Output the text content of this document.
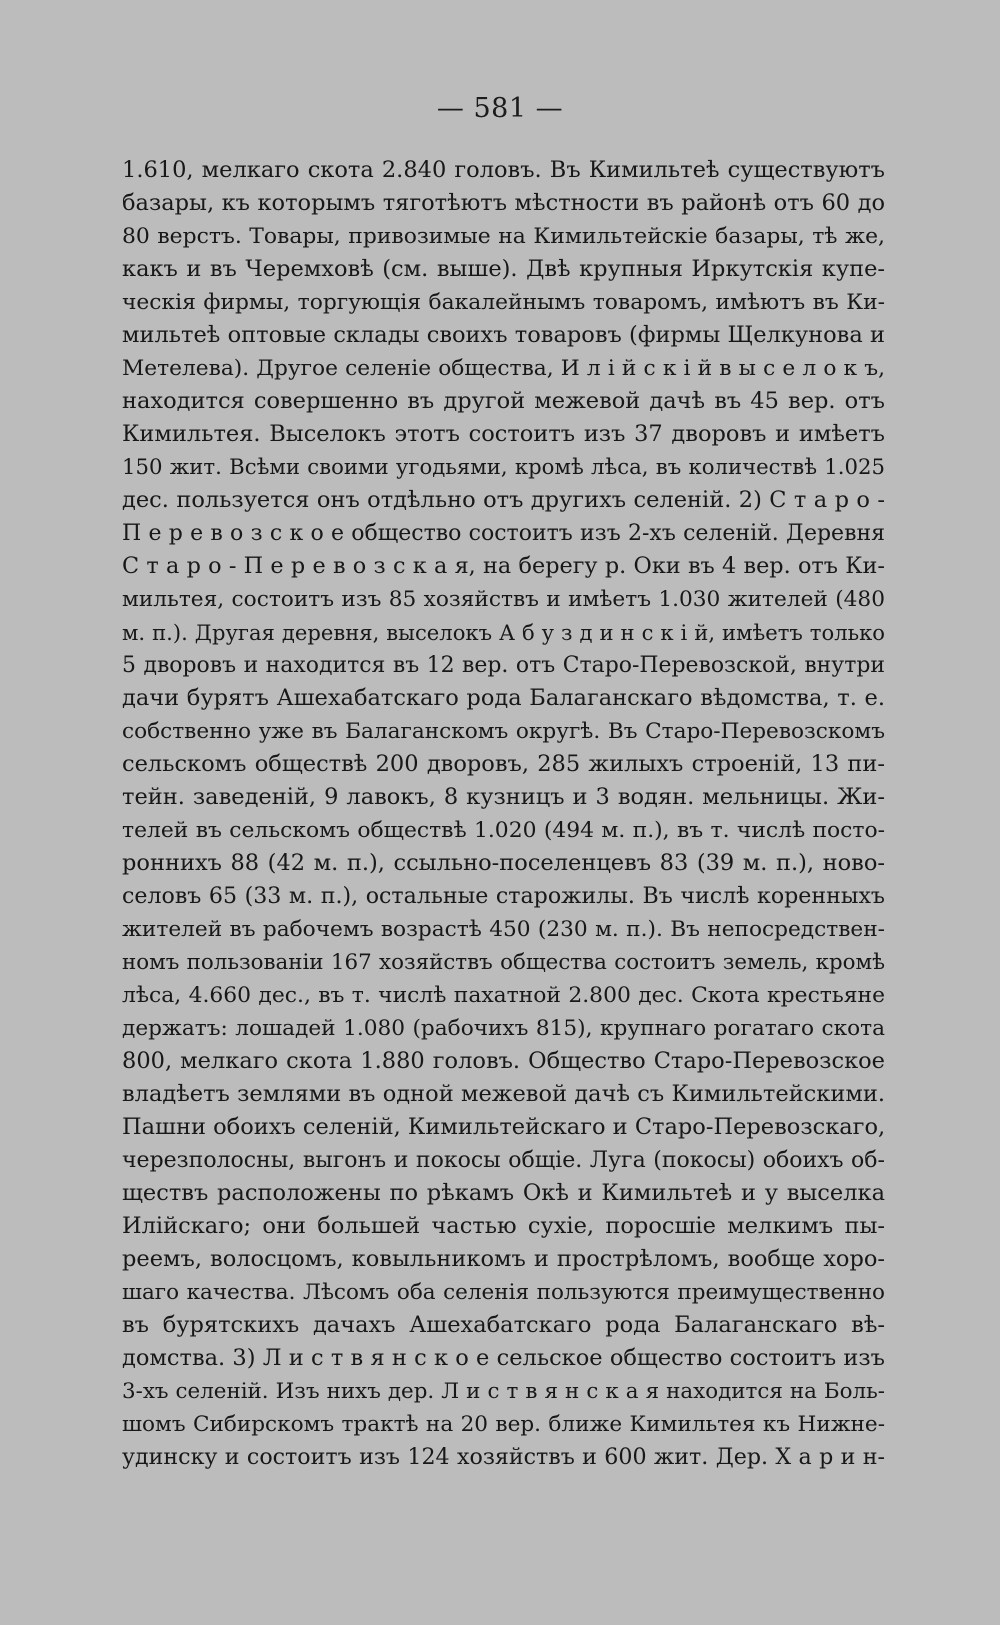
— 581 —
1.610, мелкаго скота 2.840 головъ. Въ Кимильтеѣ существуютъ
базары, къ которымъ тяготѣютъ мѣстности въ районѣ отъ 60 до
80 верстъ. Товары, привозимые на Кимильтейскiе базары, тѣ же,
какъ и въ Черемховѣ (см. выше). Двѣ крупныя Иркутскiя купе-
ческiя фирмы, торгующiя бакалейнымъ товаромъ, имѣютъ въ Ки-
мильтеѣ оптовые склады своихъ товаровъ (фирмы Щелкунова и
Метелева). Другое селенiе общества, И л i й с к i й в ы с е л о к ъ,
находится совершенно въ другой межевой дачѣ въ 45 вер. отъ
Кимильтея. Выселокъ этотъ состоитъ изъ 37 дворовъ и имѣетъ
150 жит. Всѣми своими угодьями, кромѣ лѣса, въ количествѣ 1.025
дес. пользуется онъ отдѣльно отъ другихъ селенiй. 2) С т а р о -
П е р е в о з с к о е общество состоитъ изъ 2-хъ селенiй. Деревня
С т а р о - П е р е в о з с к а я, на берегу р. Оки въ 4 вер. отъ Ки-
мильтея, состоитъ изъ 85 хозяйствъ и имѣетъ 1.030 жителей (480
м. п.). Другая деревня, выселокъ А б у з д и н с к i й, имѣетъ только
5 дворовъ и находится въ 12 вер. отъ Старо-Перевозской, внутри
дачи бурятъ Ашехабатскаго рода Балаганскаго вѣдомства, т. е.
собственно уже въ Балаганскомъ округѣ. Въ Старо-Перевозскомъ
сельскомъ обществѣ 200 дворовъ, 285 жилыхъ строенiй, 13 пи-
тейн. заведенiй, 9 лавокъ, 8 кузницъ и 3 водян. мельницы. Жи-
телей въ сельскомъ обществѣ 1.020 (494 м. п.), въ т. числѣ посто-
роннихъ 88 (42 м. п.), ссыльно-поселенцевъ 83 (39 м. п.), ново-
селовъ 65 (33 м. п.), остальные старожилы. Въ числѣ коренныхъ
жителей въ рабочемъ возрастѣ 450 (230 м. п.). Въ непосредствен-
номъ пользованiи 167 хозяйствъ общества состоитъ земель, кромѣ
лѣса, 4.660 дес., въ т. числѣ пахатной 2.800 дес. Скота крестьяне
держатъ: лошадей 1.080 (рабочихъ 815), крупнаго рогатаго скота
800, мелкаго скота 1.880 головъ. Общество Старо-Перевозское
владѣетъ землями въ одной межевой дачѣ съ Кимильтейскими.
Пашни обоихъ селенiй, Кимильтейскаго и Старо-Перевозскаго,
черезполосны, выгонъ и покосы общiе. Луга (покосы) обоихъ об-
ществъ расположены по рѣкамъ Окѣ и Кимильтеѣ и у выселка
Илiйскаго; они большей частью сухiе, поросшiе мелкимъ пы-
реемъ, волосцомъ, ковыльникомъ и прострѣломъ, вообще хоро-
шаго качества. Лѣсомъ оба селенiя пользуются преимущественно
въ бурятскихъ дачахъ Ашехабатскаго рода Балаганскаго вѣ-
домства. 3) Л и с т в я н с к о е сельское общество состоитъ изъ
3-хъ селенiй. Изъ нихъ дер. Л и с т в я н с к а я находится на Боль-
шомъ Сибирскомъ трактѣ на 20 вер. ближе Кимильтея къ Нижне-
удинску и состоитъ изъ 124 хозяйствъ и 600 жит. Дер. Х а р и н-
